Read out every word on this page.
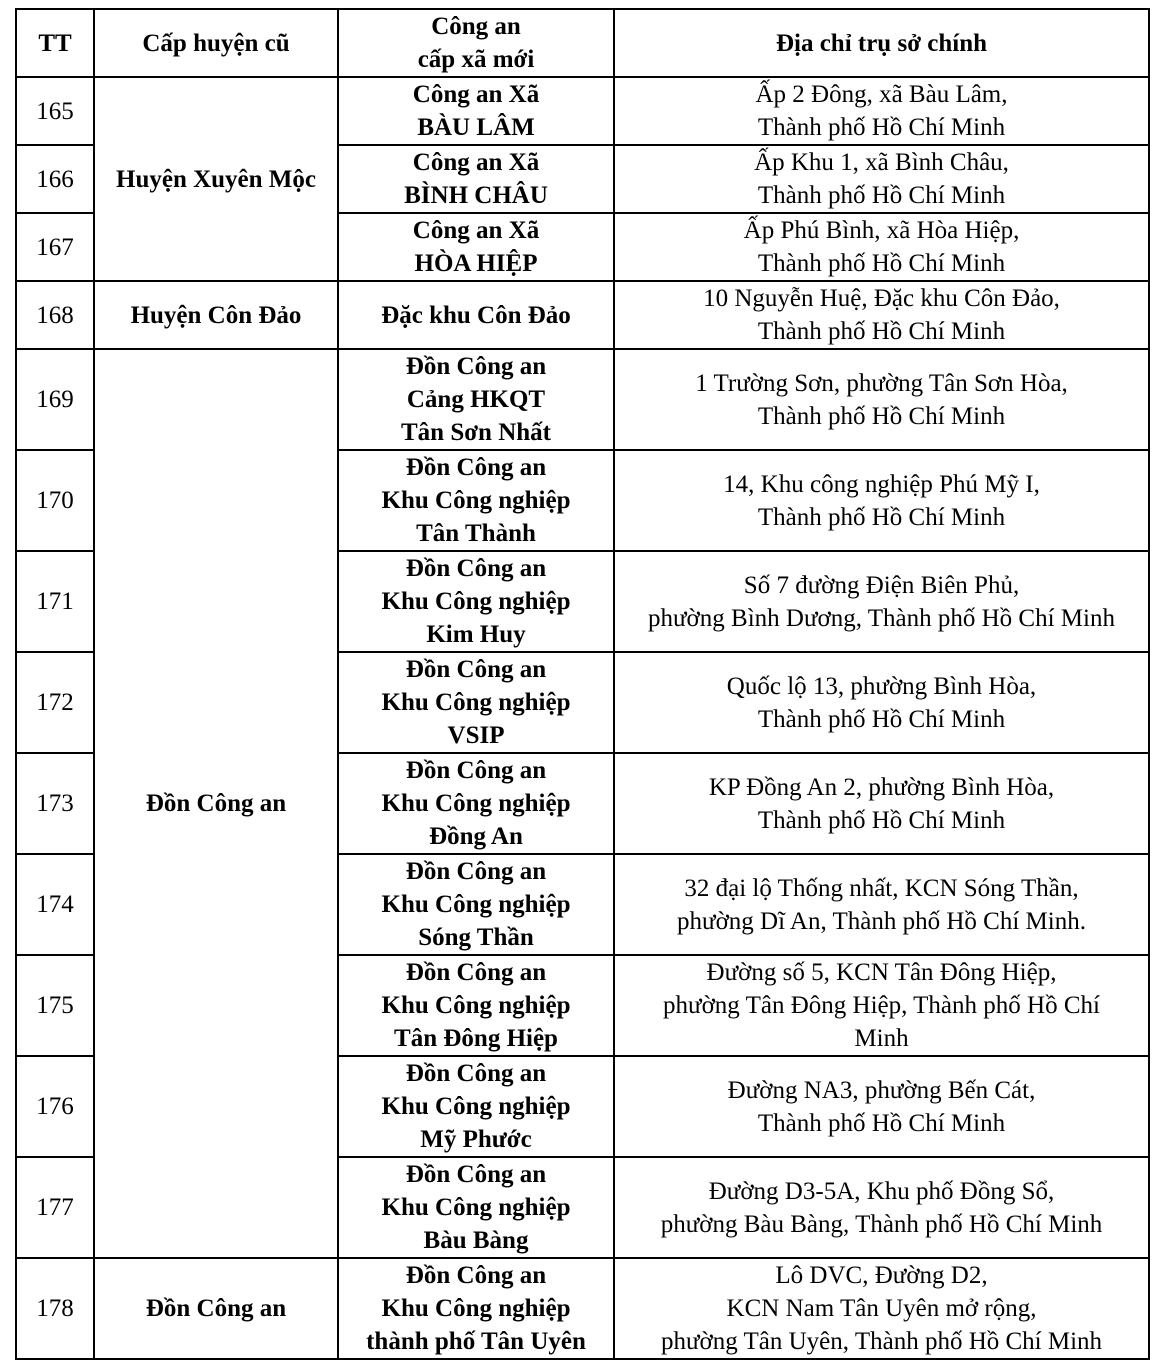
TT	Cấp huyện cũ	Công an
cấp xã mới	Địa chỉ trụ sở chính
165	Huyện Xuyên Mộc	Công an Xã
BÀU LÂM	Ấp 2 Đông, xã Bàu Lâm,
Thành phố Hồ Chí Minh

166		Công an Xã
BÌNH CHÂU	Ấp Khu 1, xã Bình Châu,
Thành phố Hồ Chí Minh

167		Công an Xã
HÒA HIỆP	Ấp Phú Bình, xã Hòa Hiệp,
Thành phố Hồ Chí Minh

168	Huyện Côn Đảo	Đặc khu Côn Đảo	10 Nguyễn Huệ, Đặc khu Côn Đảo,
Thành phố Hồ Chí Minh

169	Đồn Công an	Đồn Công an
Cảng HKQT
Tân Sơn Nhất	1 Trường Sơn, phường Tân Sơn Hòa,
Thành phố Hồ Chí Minh

170		Đồn Công an
Khu Công nghiệp
Tân Thành	14, Khu công nghiệp Phú Mỹ I,
Thành phố Hồ Chí Minh

171		Đồn Công an
Khu Công nghiệp
Kim Huy	Số 7 đường Điện Biên Phủ,
phường Bình Dương, Thành phố Hồ Chí Minh

172		Đồn Công an
Khu Công nghiệp
VSIP	Quốc lộ 13, phường Bình Hòa,
Thành phố Hồ Chí Minh

173		Đồn Công an
Khu Công nghiệp
Đồng An	KP Đồng An 2, phường Bình Hòa,
Thành phố Hồ Chí Minh

174		Đồn Công an
Khu Công nghiệp
Sóng Thần	32 đại lộ Thống nhất, KCN Sóng Thần,
phường Dĩ An, Thành phố Hồ Chí Minh.

175		Đồn Công an
Khu Công nghiệp
Tân Đông Hiệp	Đường số 5, KCN Tân Đông Hiệp,
phường Tân Đông Hiệp, Thành phố Hồ Chí
Minh

176		Đồn Công an
Khu Công nghiệp
Mỹ Phước	Đường NA3, phường Bến Cát,
Thành phố Hồ Chí Minh

177		Đồn Công an
Khu Công nghiệp
Bàu Bàng	Đường D3-5A, Khu phố Đồng Sổ,
phường Bàu Bàng, Thành phố Hồ Chí Minh

178	Đồn Công an	Đồn Công an
Khu Công nghiệp
thành phố Tân Uyên	Lô DVC, Đường D2,
KCN Nam Tân Uyên mở rộng,
phường Tân Uyên, Thành phố Hồ Chí Minh
